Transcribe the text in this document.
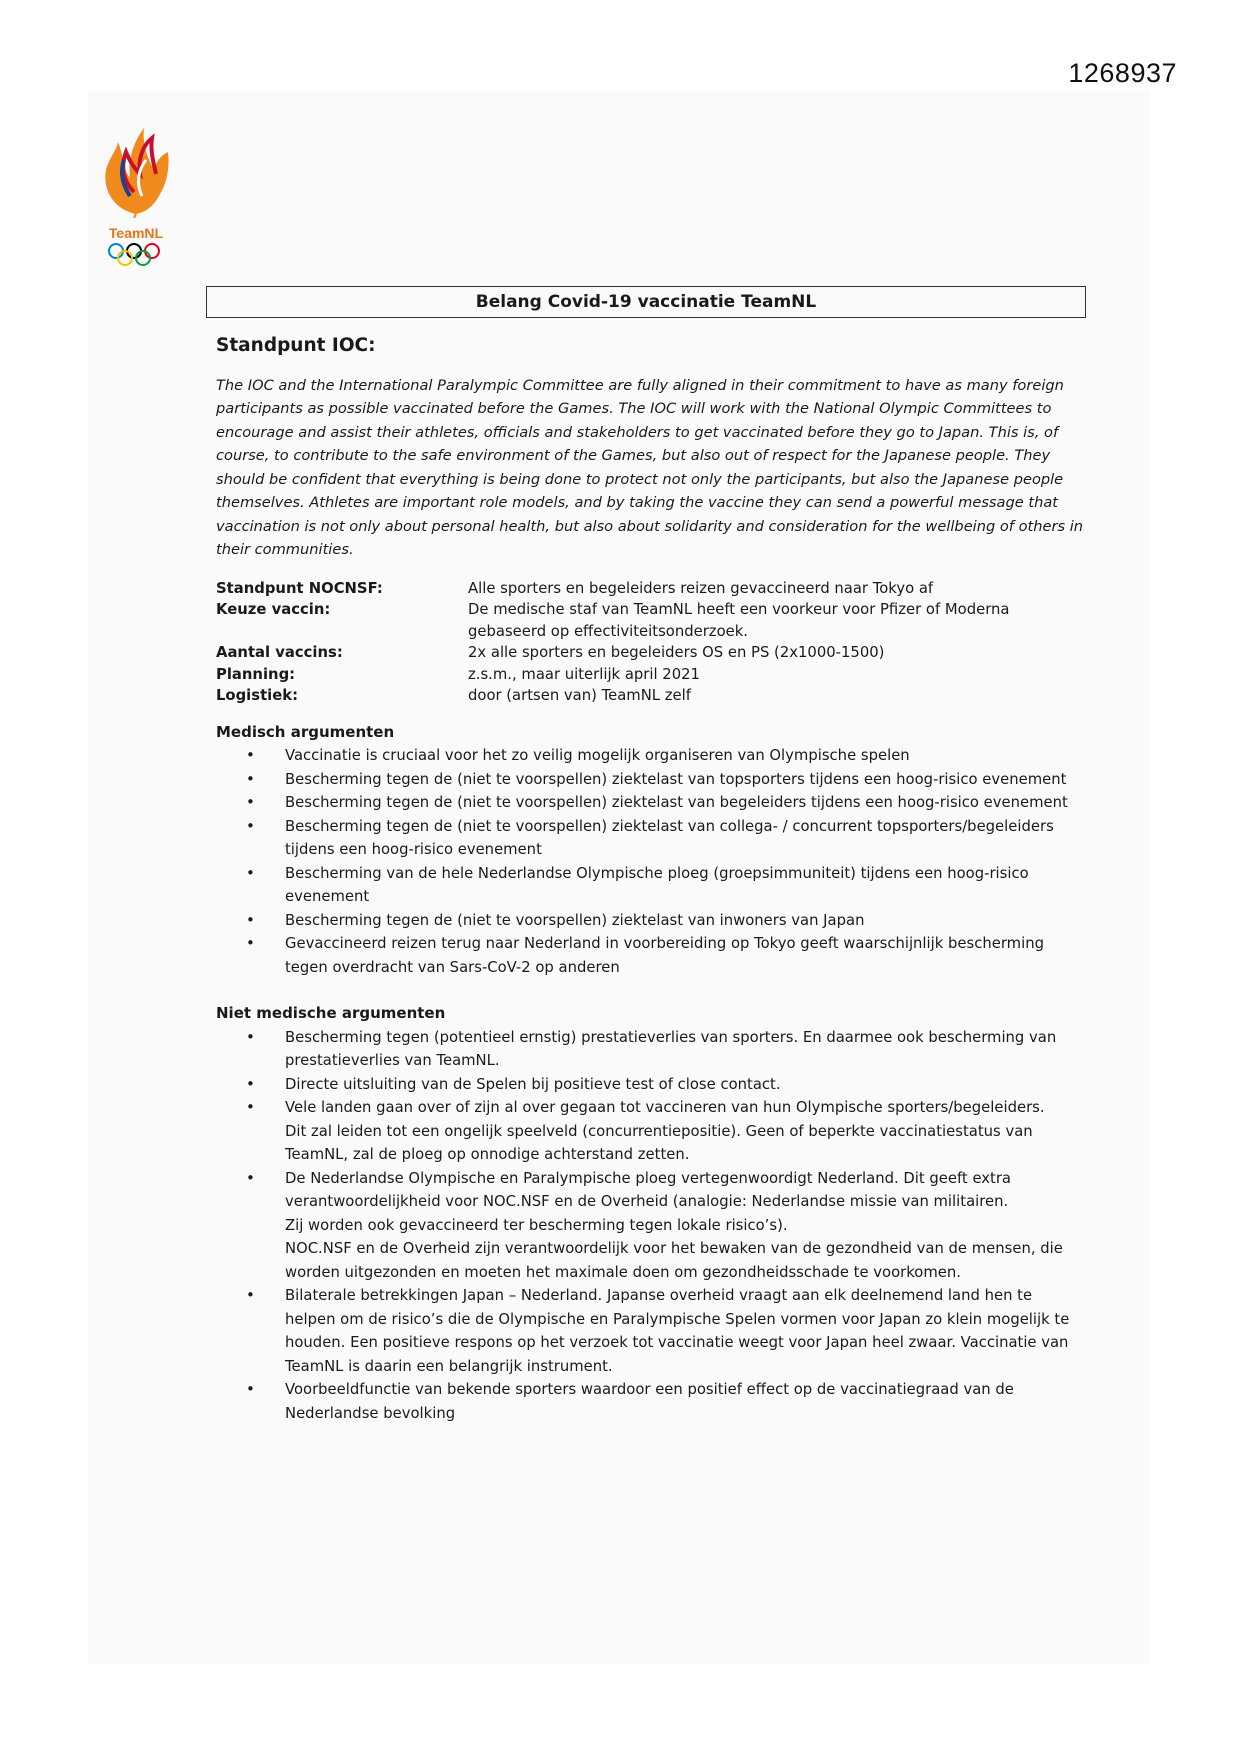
1268937
TeamNL
Belang Covid-19 vaccinatie TeamNL
Standpunt IOC:
The IOC and the International Paralympic Committee are fully aligned in their commitment to have as many foreign participants as possible vaccinated before the Games. The IOC will work with the National Olympic Committees to encourage and assist their athletes, officials and stakeholders to get vaccinated before they go to Japan. This is, of course, to contribute to the safe environment of the Games, but also out of respect for the Japanese people. They should be confident that everything is being done to protect not only the participants, but also the Japanese people themselves. Athletes are important role models, and by taking the vaccine they can send a powerful message that vaccination is not only about personal health, but also about solidarity and consideration for the wellbeing of others in their communities.
Standpunt NOCNSF:	Alle sporters en begeleiders reizen gevaccineerd naar Tokyo af
Keuze vaccin:	De medische staf van TeamNL heeft een voorkeur voor Pfizer of Moderna gebaseerd op effectiviteitsonderzoek.
Aantal vaccins:	2x alle sporters en begeleiders OS en PS (2x1000-1500)
Planning:	z.s.m., maar uiterlijk april 2021
Logistiek:	door (artsen van) TeamNL zelf
Medisch argumenten
• Vaccinatie is cruciaal voor het zo veilig mogelijk organiseren van Olympische spelen
• Bescherming tegen de (niet te voorspellen) ziektelast van topsporters tijdens een hoog-risico evenement
• Bescherming tegen de (niet te voorspellen) ziektelast van begeleiders tijdens een hoog-risico evenement
• Bescherming tegen de (niet te voorspellen) ziektelast van collega- / concurrent topsporters/begeleiders tijdens een hoog-risico evenement
• Bescherming van de hele Nederlandse Olympische ploeg (groepsimmuniteit) tijdens een hoog-risico evenement
• Bescherming tegen de (niet te voorspellen) ziektelast van inwoners van Japan
• Gevaccineerd reizen terug naar Nederland in voorbereiding op Tokyo geeft waarschijnlijk bescherming tegen overdracht van Sars-CoV-2 op anderen
Niet medische argumenten
• Bescherming tegen (potentieel ernstig) prestatieverlies van sporters. En daarmee ook bescherming van prestatieverlies van TeamNL.
• Directe uitsluiting van de Spelen bij positieve test of close contact.
• Vele landen gaan over of zijn al over gegaan tot vaccineren van hun Olympische sporters/begeleiders.
Dit zal leiden tot een ongelijk speelveld (concurrentiepositie). Geen of beperkte vaccinatiestatus van TeamNL, zal de ploeg op onnodige achterstand zetten.
• De Nederlandse Olympische en Paralympische ploeg vertegenwoordigt Nederland. Dit geeft extra verantwoordelijkheid voor NOC.NSF en de Overheid (analogie: Nederlandse missie van militairen.
Zij worden ook gevaccineerd ter bescherming tegen lokale risico’s).
NOC.NSF en de Overheid zijn verantwoordelijk voor het bewaken van de gezondheid van de mensen, die worden uitgezonden en moeten het maximale doen om gezondheidsschade te voorkomen.
• Bilaterale betrekkingen Japan – Nederland. Japanse overheid vraagt aan elk deelnemend land hen te helpen om de risico’s die de Olympische en Paralympische Spelen vormen voor Japan zo klein mogelijk te houden. Een positieve respons op het verzoek tot vaccinatie weegt voor Japan heel zwaar. Vaccinatie van TeamNL is daarin een belangrijk instrument.
• Voorbeeldfunctie van bekende sporters waardoor een positief effect op de vaccinatiegraad van de Nederlandse bevolking
